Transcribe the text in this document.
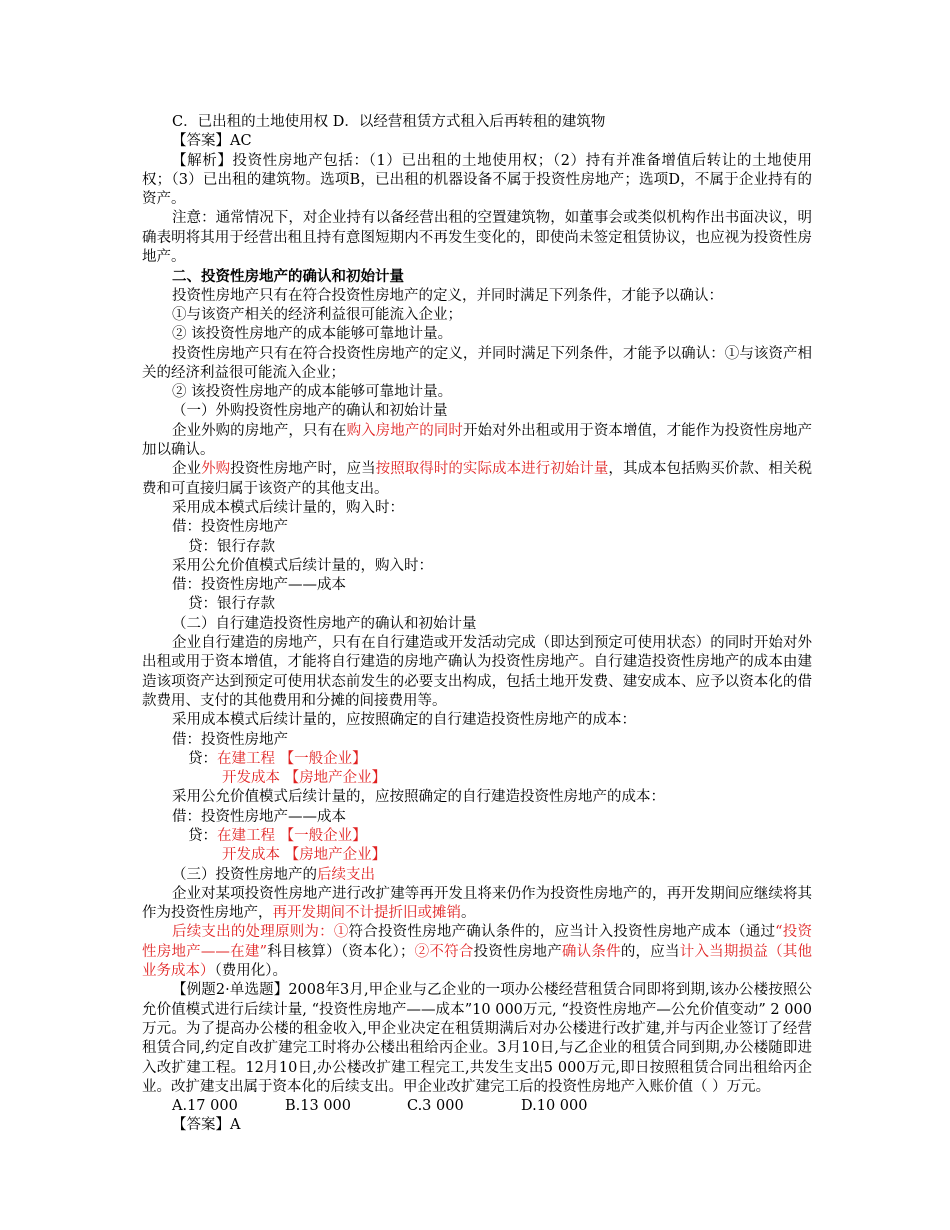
C．已出租的土地使用权 D．以经营租赁方式租入后再转租的建筑物

【答案】AC

【解析】投资性房地产包括：（1）已出租的土地使用权；（2）持有并准备增值后转让的土地使用权；（3）已出租的建筑物。选项B，已出租的机器设备不属于投资性房地产；选项D，不属于企业持有的资产。

注意：通常情况下，对企业持有以备经营出租的空置建筑物，如董事会或类似机构作出书面决议，明确表明将其用于经营出租且持有意图短期内不再发生变化的，即使尚未签定租赁协议，也应视为投资性房地产。

二、投资性房地产的确认和初始计量

投资性房地产只有在符合投资性房地产的定义，并同时满足下列条件，才能予以确认：

①与该资产相关的经济利益很可能流入企业；

② 该投资性房地产的成本能够可靠地计量。

投资性房地产只有在符合投资性房地产的定义，并同时满足下列条件，才能予以确认：①与该资产相关的经济利益很可能流入企业；

② 该投资性房地产的成本能够可靠地计量。

（一）外购投资性房地产的确认和初始计量

企业外购的房地产，只有在购入房地产的同时开始对外出租或用于资本增值，才能作为投资性房地产加以确认。

企业外购投资性房地产时，应当按照取得时的实际成本进行初始计量，其成本包括购买价款、相关税费和可直接归属于该资产的其他支出。

采用成本模式后续计量的，购入时：

借：投资性房地产

贷：银行存款

采用公允价值模式后续计量的，购入时：

借：投资性房地产——成本

贷：银行存款

（二）自行建造投资性房地产的确认和初始计量

企业自行建造的房地产，只有在自行建造或开发活动完成（即达到预定可使用状态）的同时开始对外出租或用于资本增值，才能将自行建造的房地产确认为投资性房地产。自行建造投资性房地产的成本由建造该项资产达到预定可使用状态前发生的必要支出构成，包括土地开发费、建安成本、应予以资本化的借款费用、支付的其他费用和分摊的间接费用等。

采用成本模式后续计量的，应按照确定的自行建造投资性房地产的成本：

借：投资性房地产

贷：在建工程 【一般企业】

开发成本 【房地产企业】

采用公允价值模式后续计量的，应按照确定的自行建造投资性房地产的成本：

借：投资性房地产——成本

贷：在建工程 【一般企业】

开发成本 【房地产企业】

（三）投资性房地产的后续支出

企业对某项投资性房地产进行改扩建等再开发且将来仍作为投资性房地产的，再开发期间应继续将其作为投资性房地产，再开发期间不计提折旧或摊销。

后续支出的处理原则为：①符合投资性房地产确认条件的，应当计入投资性房地产成本（通过“投资性房地产——在建”科目核算）（资本化）；②不符合投资性房地产确认条件的，应当计入当期损益（其他业务成本）（费用化）。

【例题2·单选题】2008年3月,甲企业与乙企业的一项办公楼经营租赁合同即将到期,该办公楼按照公允价值模式进行后续计量, “投资性房地产——成本”10 000万元, “投资性房地产—公允价值变动” 2 000万元。为了提高办公楼的租金收入,甲企业决定在租赁期满后对办公楼进行改扩建,并与丙企业签订了经营租赁合同,约定自改扩建完工时将办公楼出租给丙企业。3月10日,与乙企业的租赁合同到期,办公楼随即进入改扩建工程。12月10日,办公楼改扩建工程完工,共发生支出5 000万元,即日按照租赁合同出租给丙企业。改扩建支出属于资本化的后续支出。甲企业改扩建完工后的投资性房地产入账价值（ ）万元。

A.17 000	B.13 000	C.3 000	D.10 000

【答案】A
